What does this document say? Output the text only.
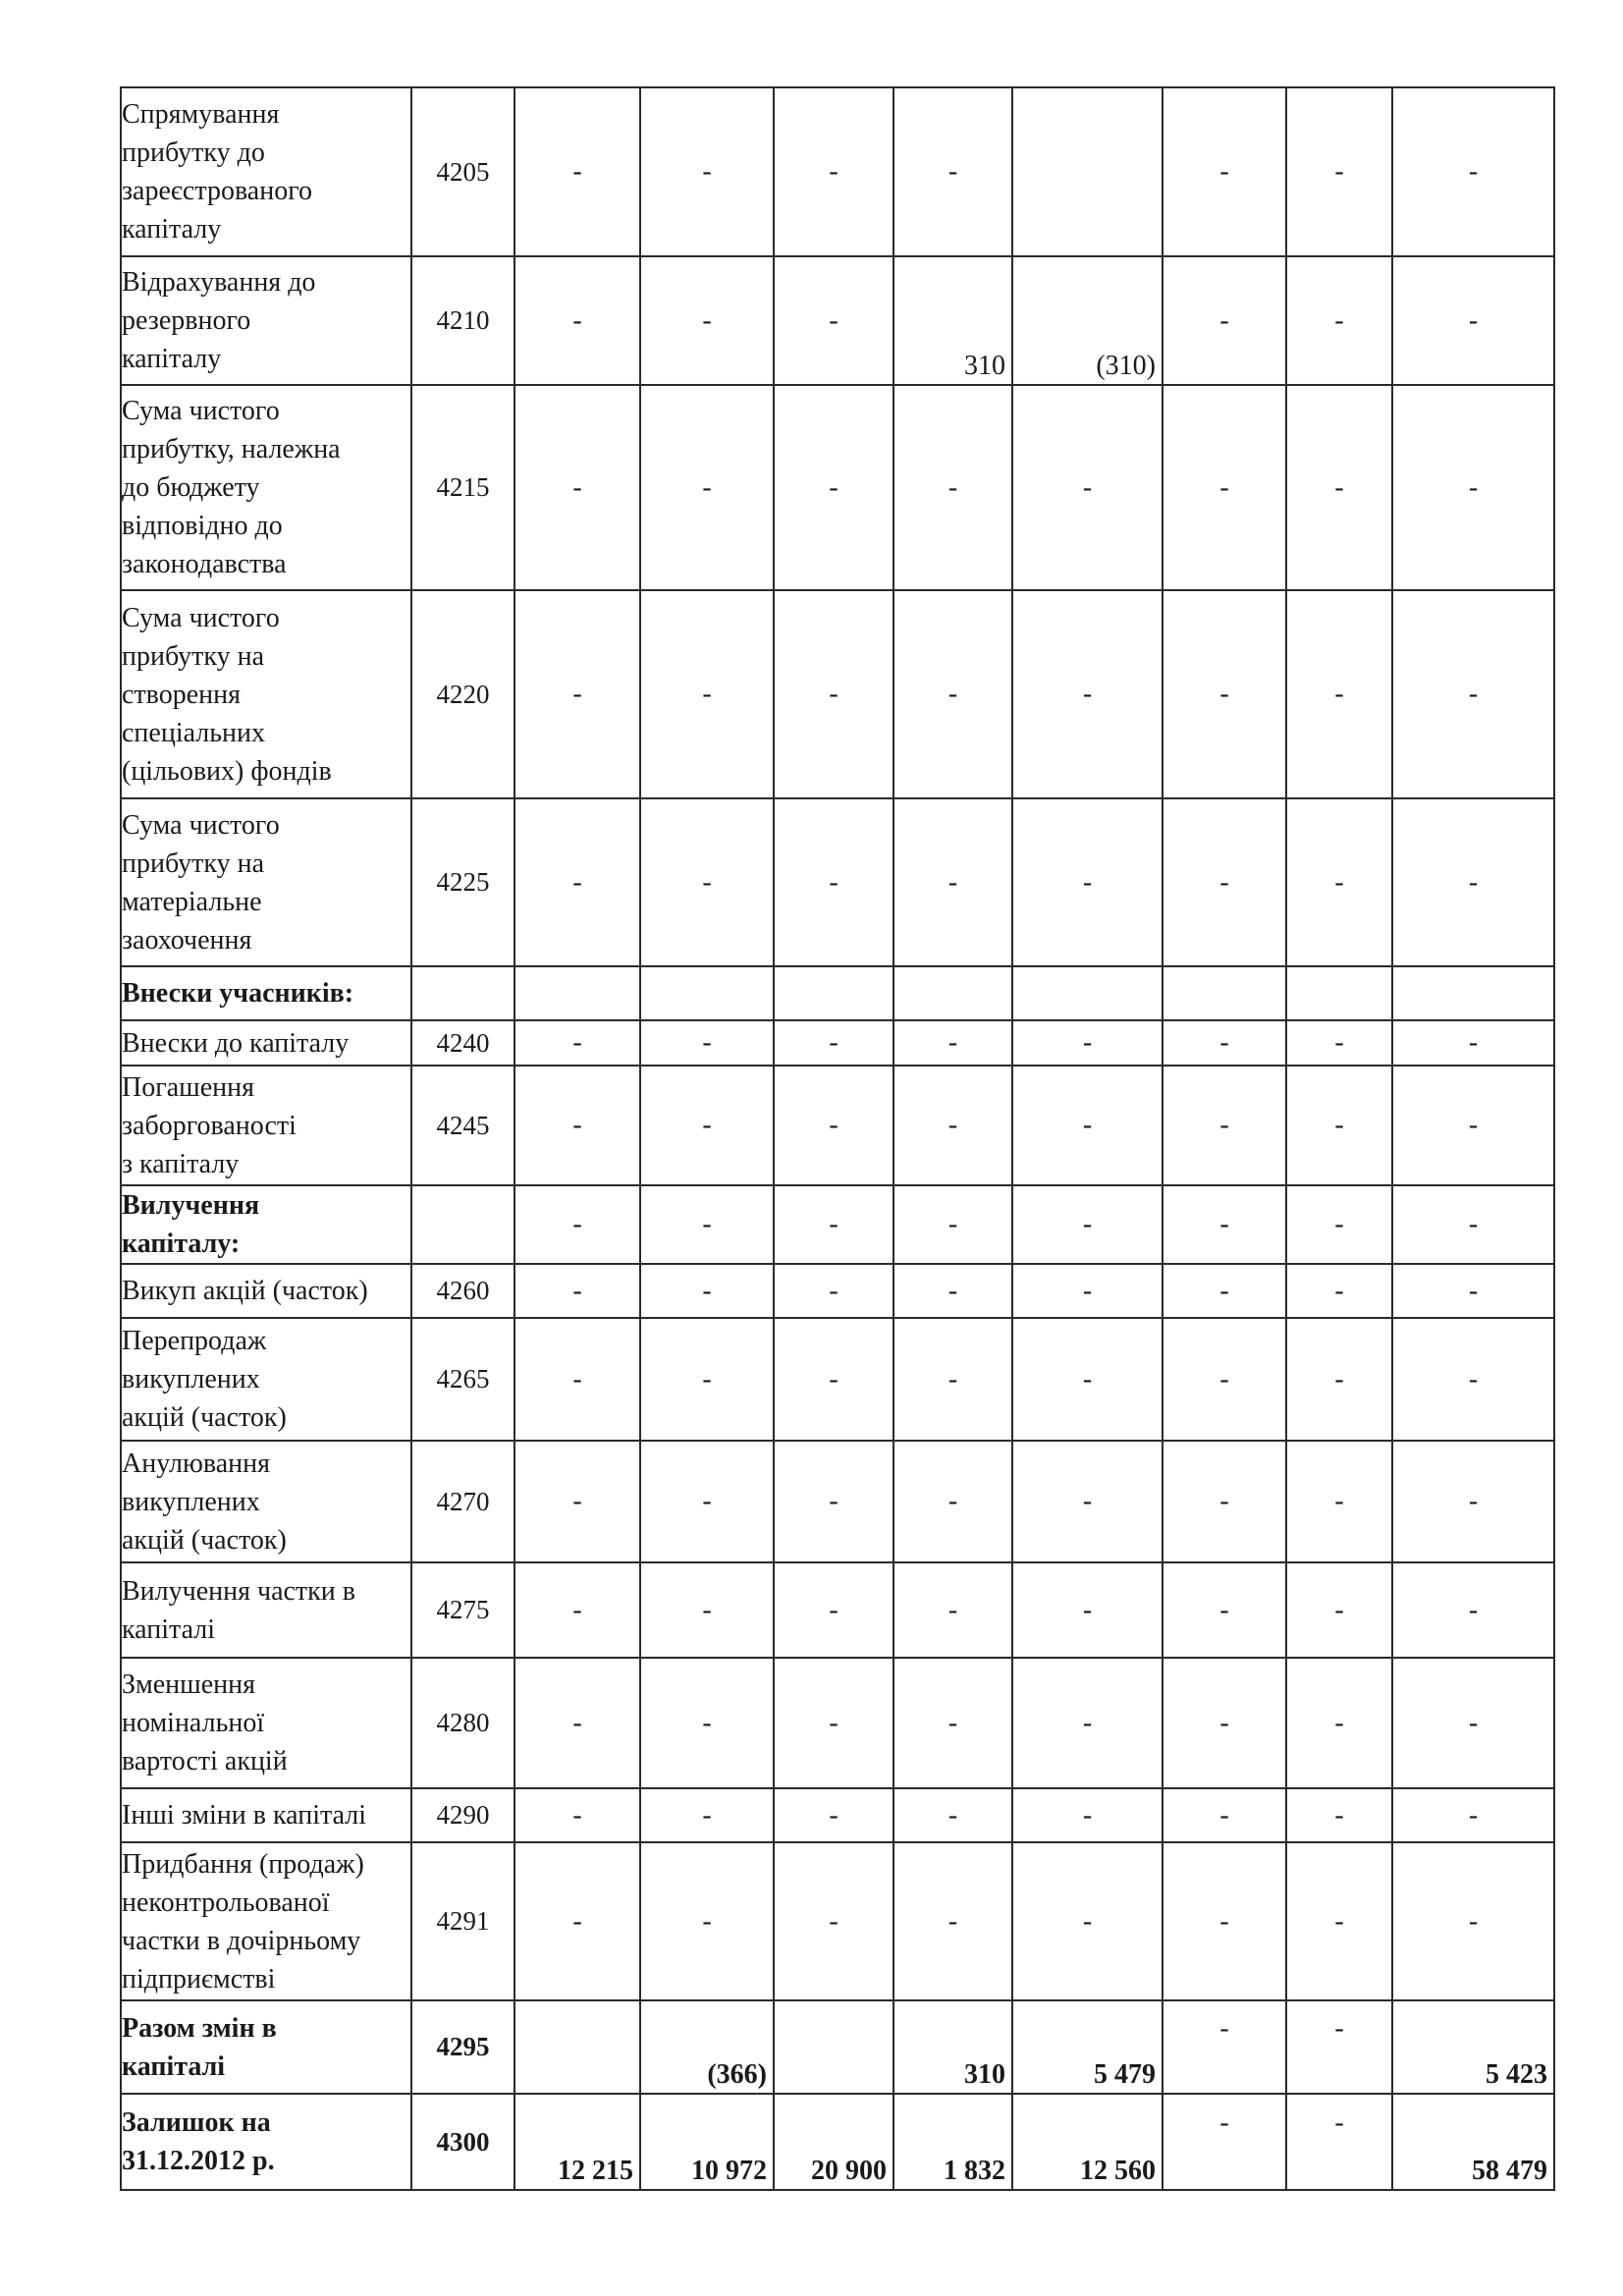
Спрямування
прибутку до
зареєстрованого
капіталу	4205	-	-	-	-		-	-	-

Відрахування до
резервного
капіталу	4210	-	-	-	310	(310)	-	-	-

Сума чистого
прибутку, належна
до бюджету
відповідно до
законодавства	4215	-	-	-	-	-	-	-	-

Сума чистого
прибутку на
створення
спеціальних
(цільових) фондів	4220	-	-	-	-	-	-	-	-

Сума чистого
прибутку на
матеріальне
заохочення	4225	-	-	-	-	-	-	-	-

Внески учасників:									

Внески до капіталу	4240	-	-	-	-	-	-	-	-

Погашення
заборгованості
з капіталу	4245	-	-	-	-	-	-	-	-

Вилучення
капіталу:		-	-	-	-	-	-	-	-

Викуп акцій (часток)	4260	-	-	-	-	-	-	-	-

Перепродаж
викуплених
акцій (часток)	4265	-	-	-	-	-	-	-	-

Анулювання
викуплених
акцій (часток)	4270	-	-	-	-	-	-	-	-

Вилучення частки в
капіталі	4275	-	-	-	-	-	-	-	-

Зменшення
номінальної
вартості акцій	4280	-	-	-	-	-	-	-	-

Інші зміни в капіталі	4290	-	-	-	-	-	-	-	-

Придбання (продаж)
неконтрольованої
частки в дочірньому
підприємстві	4291	-	-	-	-	-	-	-	-

Разом змін в
капіталі	4295		(366)		310	5 479	-	-	5 423

Залишок на
31.12.2012 р.	4300	12 215	10 972	20 900	1 832	12 560	-	-	58 479
